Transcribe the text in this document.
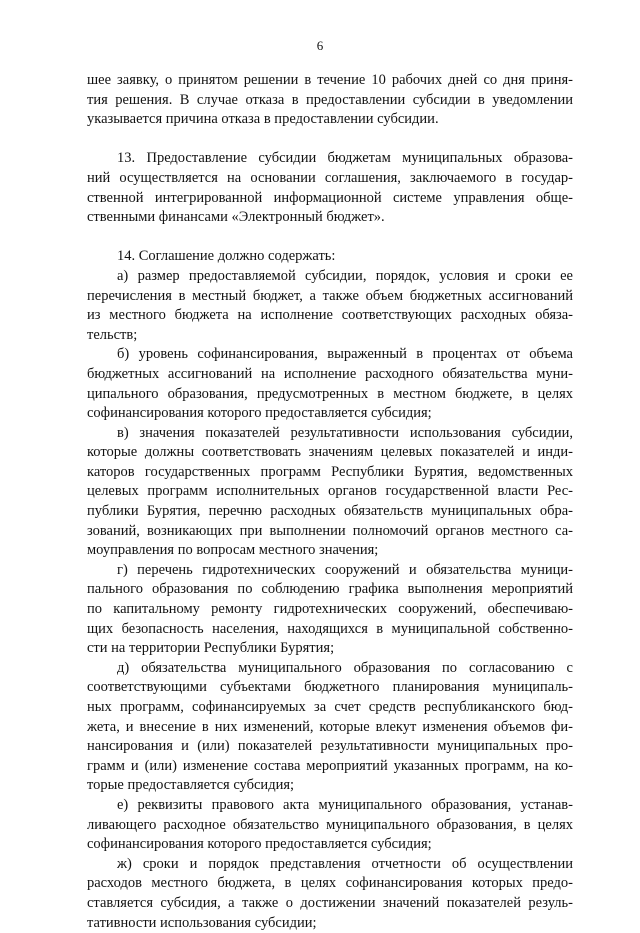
6
шее заявку, о принятом решении в течение 10 рабочих дней со дня приня-
тия решения. В случае отказа в предоставлении субсидии в уведомлении
указывается причина отказа в предоставлении субсидии.
13. Предоставление субсидии бюджетам муниципальных образова-
ний осуществляется на основании соглашения, заключаемого в государ-
ственной интегрированной информационной системе управления обще-
ственными финансами «Электронный бюджет».
14. Соглашение должно содержать:
а) размер предоставляемой субсидии, порядок, условия и сроки ее
перечисления в местный бюджет, а также объем бюджетных ассигнований
из местного бюджета на исполнение соответствующих расходных обяза-
тельств;
б) уровень софинансирования, выраженный в процентах от объема
бюджетных ассигнований на исполнение расходного обязательства муни-
ципального образования, предусмотренных в местном бюджете, в целях
софинансирования которого предоставляется субсидия;
в) значения показателей результативности использования субсидии,
которые должны соответствовать значениям целевых показателей и инди-
каторов государственных программ Республики Бурятия, ведомственных
целевых программ исполнительных органов государственной власти Рес-
публики Бурятия, перечню расходных обязательств муниципальных обра-
зований, возникающих при выполнении полномочий органов местного са-
моуправления по вопросам местного значения;
г) перечень гидротехнических сооружений и обязательства муници-
пального образования по соблюдению графика выполнения мероприятий
по капитальному ремонту гидротехнических сооружений, обеспечиваю-
щих безопасность населения, находящихся в муниципальной собственно-
сти на территории Республики Бурятия;
д) обязательства муниципального образования по согласованию с
соответствующими субъектами бюджетного планирования муниципаль-
ных программ, софинансируемых за счет средств республиканского бюд-
жета, и внесение в них изменений, которые влекут изменения объемов фи-
нансирования и (или) показателей результативности муниципальных про-
грамм и (или) изменение состава мероприятий указанных программ, на ко-
торые предоставляется субсидия;
е) реквизиты правового акта муниципального образования, устанав-
ливающего расходное обязательство муниципального образования, в целях
софинансирования которого предоставляется субсидия;
ж) сроки и порядок представления отчетности об осуществлении
расходов местного бюджета, в целях софинансирования которых предо-
ставляется субсидия, а также о достижении значений показателей резуль-
тативности использования субсидии;
